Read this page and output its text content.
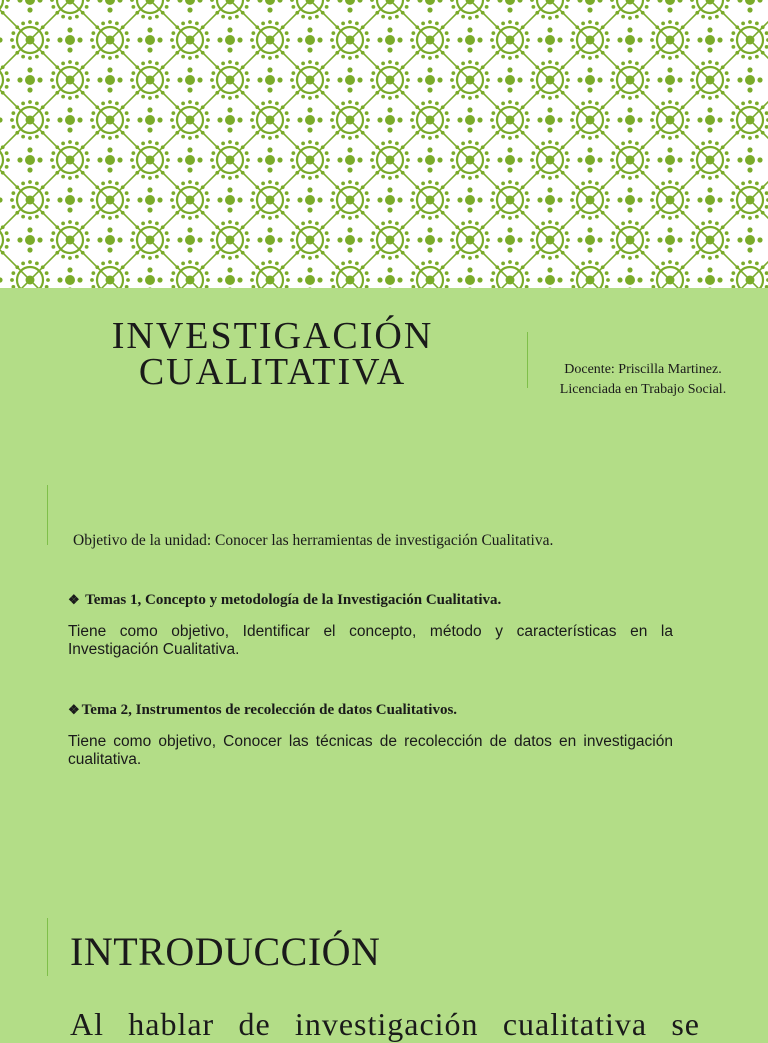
INVESTIGACIÓN
CUALITATIVA	Docente: Priscilla Martinez.
Licenciada en Trabajo Social.
Objetivo de la unidad: Conocer las herramientas de investigación Cualitativa.
❖ Temas 1, Concepto y metodología de la Investigación Cualitativa.
Tiene como objetivo, Identificar el concepto, método y características en la Investigación Cualitativa.
❖ Tema 2, Instrumentos de recolección de datos Cualitativos.
Tiene como objetivo, Conocer las técnicas de recolección de datos en investigación cualitativa.
INTRODUCCIÓN
Al hablar de investigación cualitativa se
